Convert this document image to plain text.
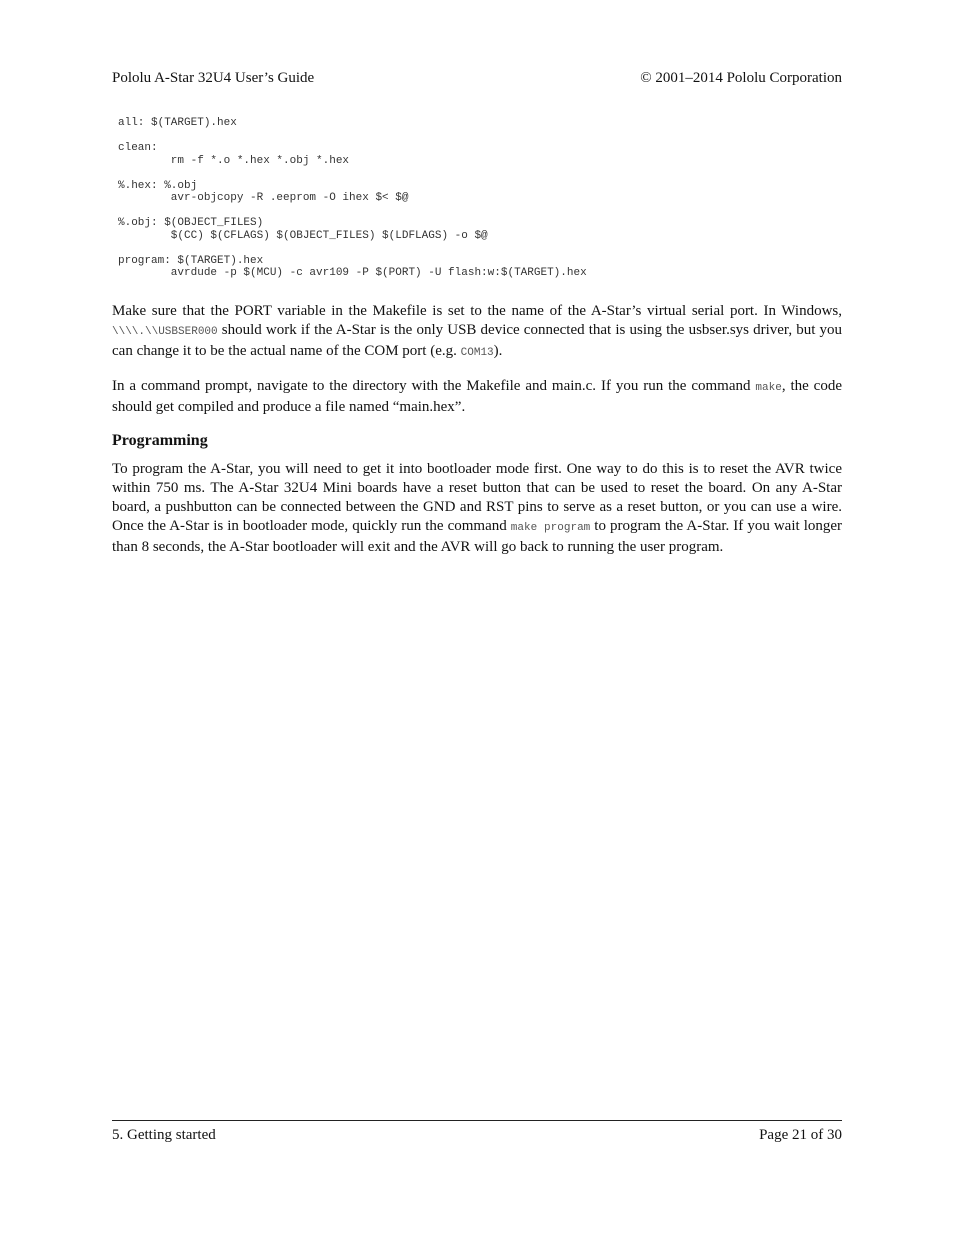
Pololu A-Star 32U4 User’s Guide	© 2001–2014 Pololu Corporation
all: $(TARGET).hex

clean:
rm -f *.o *.hex *.obj *.hex

%.hex: %.obj
avr-objcopy -R .eeprom -O ihex $< $@

%.obj: $(OBJECT_FILES)
$(CC) $(CFLAGS) $(OBJECT_FILES) $(LDFLAGS) -o $@

program: $(TARGET).hex
avrdude -p $(MCU) -c avr109 -P $(PORT) -U flash:w:$(TARGET).hex

Make sure that the PORT variable in the Makefile is set to the name of the A-Star’s virtual serial port. In Windows, \\\\.\\USBSER000 should work if the A-Star is the only USB device connected that is using the usbser.sys driver, but you can change it to be the actual name of the COM port (e.g. COM13).

In a command prompt, navigate to the directory with the Makefile and main.c. If you run the command make, the code should get compiled and produce a file named “main.hex”.

Programming

To program the A-Star, you will need to get it into bootloader mode first. One way to do this is to reset the AVR twice within 750 ms. The A-Star 32U4 Mini boards have a reset button that can be used to reset the board. On any A-Star board, a pushbutton can be connected between the GND and RST pins to serve as a reset button, or you can use a wire. Once the A-Star is in bootloader mode, quickly run the command make program to program the A-Star. If you wait longer than 8 seconds, the A-Star bootloader will exit and the AVR will go back to running the user program.

5. Getting started	Page 21 of 30
